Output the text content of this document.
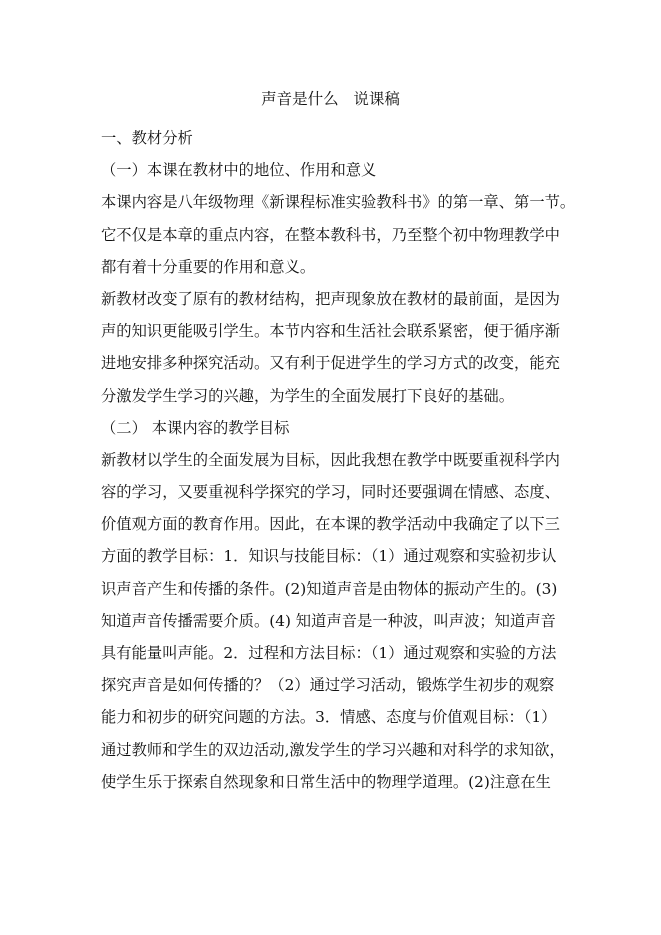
声音是什么   说课稿
一、教材分析
（一）本课在教材中的地位、作用和意义
本课内容是八年级物理《新课程标准实验教科书》的第一章、第一节。
它不仅是本章的重点内容，在整本教科书，乃至整个初中物理教学中
都有着十分重要的作用和意义。
新教材改变了原有的教材结构，把声现象放在教材的最前面，是因为
声的知识更能吸引学生。本节内容和生活社会联系紧密，便于循序渐
进地安排多种探究活动。又有利于促进学生的学习方式的改变，能充
分激发学生学习的兴趣，为学生的全面发展打下良好的基础。
（二） 本课内容的教学目标
新教材以学生的全面发展为目标，因此我想在教学中既要重视科学内
容的学习，又要重视科学探究的学习，同时还要强调在情感、态度、
价值观方面的教育作用。因此，在本课的教学活动中我确定了以下三
方面的教学目标：1．知识与技能目标：（1）通过观察和实验初步认
识声音产生和传播的条件。(2)知道声音是由物体的振动产生的。(3)
知道声音传播需要介质。(4) 知道声音是一种波，叫声波；知道声音
具有能量叫声能。2．过程和方法目标：（1）通过观察和实验的方法
探究声音是如何传播的？（2）通过学习活动，锻炼学生初步的观察
能力和初步的研究问题的方法。3．情感、态度与价值观目标：（1）
通过教师和学生的双边活动,激发学生的学习兴趣和对科学的求知欲，
使学生乐于探索自然现象和日常生活中的物理学道理。(2)注意在生
